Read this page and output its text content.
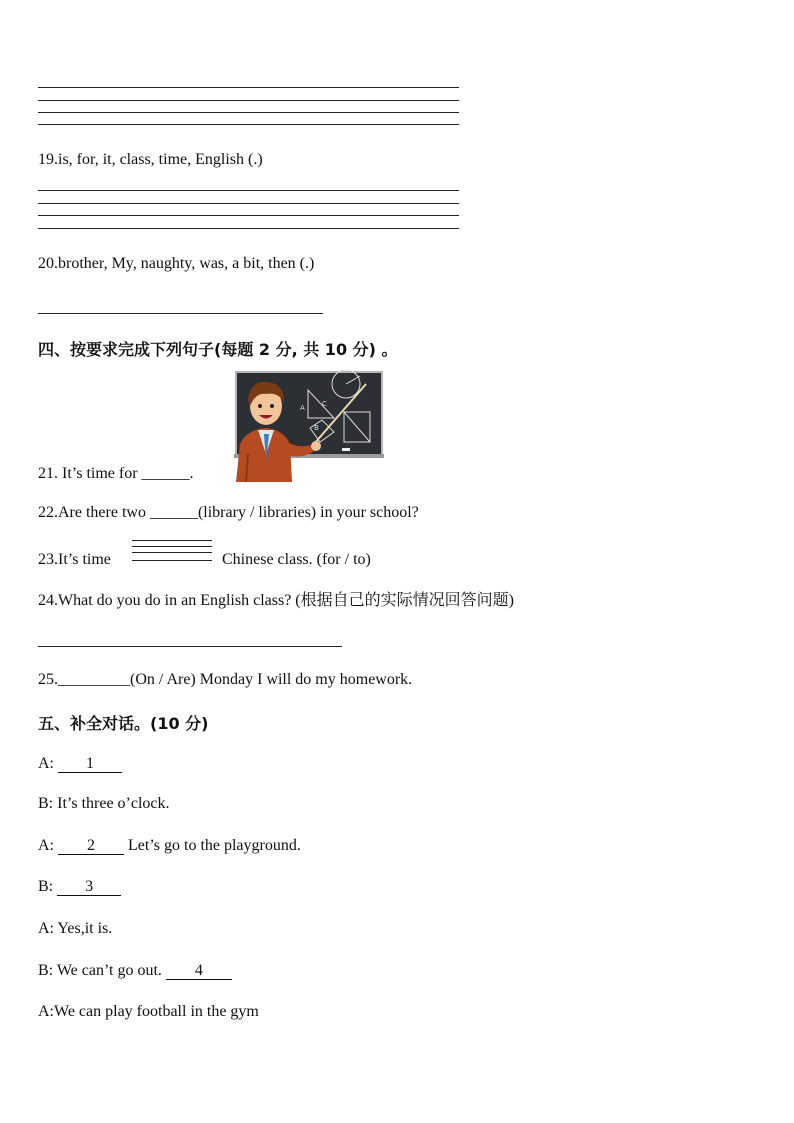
19.is, for, it, class, time, English (.)
20.brother, My, naughty, was, a bit, then (.)
四、按要求完成下列句子(每题 2 分, 共 10 分) 。
A
B
C
21. It’s time for ______.
22.Are there two ______(library / libraries) in your school?
23.It’s time	Chinese class. (for / to)
24.What do you do in an English class? (根据自己的实际情况回答问题)
25._________(On / Are) Monday I will do my homework.
五、补全对话。(10 分)
A: 1
B: It’s three o’clock.
A: 2 Let’s go to the playground.
B: 3
A: Yes,it is.
B: We can’t go out. 4
A:We can play football in the gym
